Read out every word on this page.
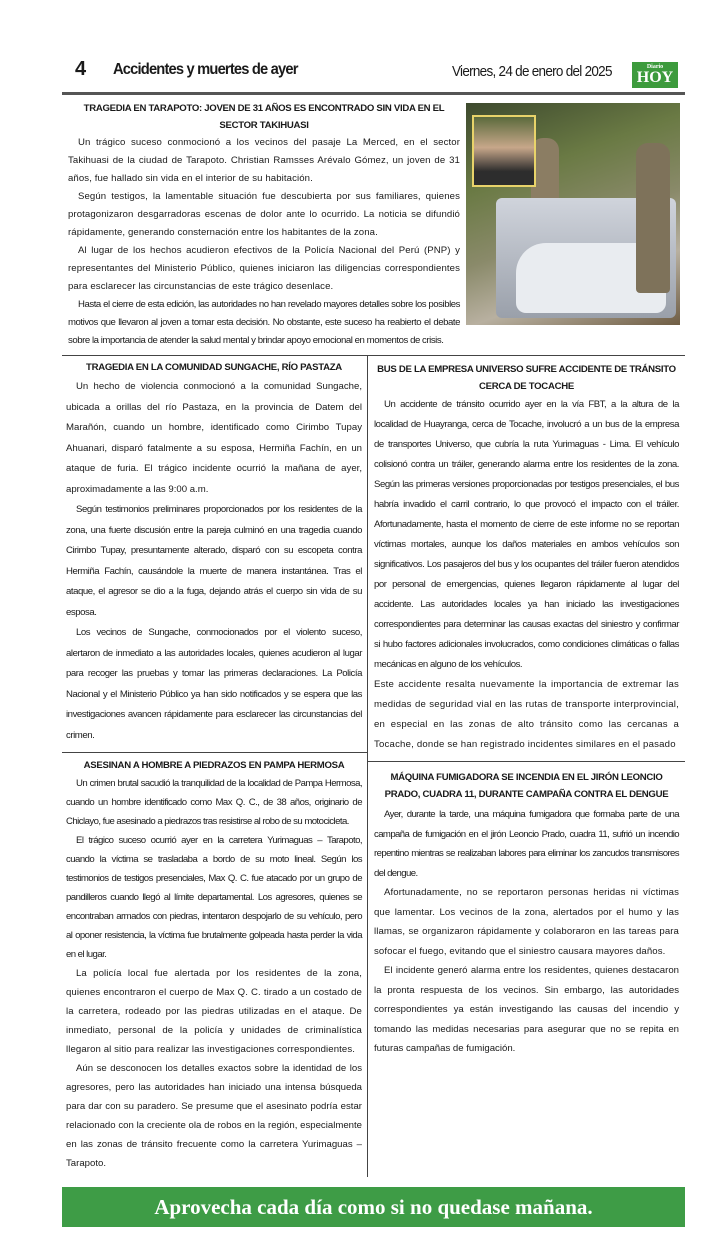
4 Accidentes y muertes de ayer	Viernes, 24 de enero del 2025	Diario
HOY
TRAGEDIA EN TARAPOTO: JOVEN DE 31 AÑOS ES ENCONTRADO SIN VIDA EN EL SECTOR TAKIHUASI

Un trágico suceso conmocionó a los vecinos del pasaje La Merced, en el sector Takihuasi de la ciudad de Tarapoto. Christian Ramsses Arévalo Gómez, un joven de 31 años, fue hallado sin vida en el interior de su habitación.

Según testigos, la lamentable situación fue descubierta por sus familiares, quienes protagonizaron desgarradoras escenas de dolor ante lo ocurrido. La noticia se difundió rápidamente, generando consternación entre los habitantes de la zona.

Al lugar de los hechos acudieron efectivos de la Policía Nacional del Perú (PNP) y representantes del Ministerio Público, quienes iniciaron las diligencias correspondientes para esclarecer las circunstancias de este trágico desenlace.

Hasta el cierre de esta edición, las autoridades no han revelado mayores detalles sobre los posibles motivos que llevaron al joven a tomar esta decisión. No obstante, este suceso ha reabierto el debate sobre la importancia de atender la salud mental y brindar apoyo emocional en momentos de crisis.

TRAGEDIA EN LA COMUNIDAD SUNGACHE, RÍO PASTAZA

Un hecho de violencia conmocionó a la comunidad Sungache, ubicada a orillas del río Pastaza, en la provincia de Datem del Marañón, cuando un hombre, identificado como Cirimbo Tupay Ahuanari, disparó fatalmente a su esposa, Hermiña Fachín, en un ataque de furia. El trágico incidente ocurrió la mañana de ayer, aproximadamente a las 9:00 a.m.

Según testimonios preliminares proporcionados por los residentes de la zona, una fuerte discusión entre la pareja culminó en una tragedia cuando Cirimbo Tupay, presuntamente alterado, disparó con su escopeta contra Hermiña Fachín, causándole la muerte de manera instantánea. Tras el ataque, el agresor se dio a la fuga, dejando atrás el cuerpo sin vida de su esposa.

Los vecinos de Sungache, conmocionados por el violento suceso, alertaron de inmediato a las autoridades locales, quienes acudieron al lugar para recoger las pruebas y tomar las primeras declaraciones. La Policía Nacional y el Ministerio Público ya han sido notificados y se espera que las investigaciones avancen rápidamente para esclarecer las circunstancias del crimen.

ASESINAN A HOMBRE A PIEDRAZOS EN PAMPA HERMOSA

Un crimen brutal sacudió la tranquilidad de la localidad de Pampa Hermosa, cuando un hombre identificado como Max Q. C., de 38 años, originario de Chiclayo, fue asesinado a piedrazos tras resistirse al robo de su motocicleta.

El trágico suceso ocurrió ayer en la carretera Yurimaguas – Tarapoto, cuando la víctima se trasladaba a bordo de su moto lineal. Según los testimonios de testigos presenciales, Max Q. C. fue atacado por un grupo de pandilleros cuando llegó al límite departamental. Los agresores, quienes se encontraban armados con piedras, intentaron despojarlo de su vehículo, pero al oponer resistencia, la víctima fue brutalmente golpeada hasta perder la vida en el lugar.

La policía local fue alertada por los residentes de la zona, quienes encontraron el cuerpo de Max Q. C. tirado a un costado de la carretera, rodeado por las piedras utilizadas en el ataque. De inmediato, personal de la policía y unidades de criminalística llegaron al sitio para realizar las investigaciones correspondientes.

Aún se desconocen los detalles exactos sobre la identidad de los agresores, pero las autoridades han iniciado una intensa búsqueda para dar con su paradero. Se presume que el asesinato podría estar relacionado con la creciente ola de robos en la región, especialmente en las zonas de tránsito frecuente como la carretera Yurimaguas – Tarapoto.

BUS DE LA EMPRESA UNIVERSO SUFRE ACCIDENTE DE TRÁNSITO CERCA DE TOCACHE

Un accidente de tránsito ocurrido ayer en la vía FBT, a la altura de la localidad de Huayranga, cerca de Tocache, involucró a un bus de la empresa de transportes Universo, que cubría la ruta Yurimaguas - Lima. El vehículo colisionó contra un tráiler, generando alarma entre los residentes de la zona. Según las primeras versiones proporcionadas por testigos presenciales, el bus habría invadido el carril contrario, lo que provocó el impacto con el tráiler. Afortunadamente, hasta el momento de cierre de este informe no se reportan víctimas mortales, aunque los daños materiales en ambos vehículos son significativos. Los pasajeros del bus y los ocupantes del tráiler fueron atendidos por personal de emergencias, quienes llegaron rápidamente al lugar del accidente. Las autoridades locales ya han iniciado las investigaciones correspondientes para determinar las causas exactas del siniestro y confirmar si hubo factores adicionales involucrados, como condiciones climáticas o fallas mecánicas en alguno de los vehículos.

Este accidente resalta nuevamente la importancia de extremar las medidas de seguridad vial en las rutas de transporte interprovincial, en especial en las zonas de alto tránsito como las cercanas a Tocache, donde se han registrado incidentes similares en el pasado

MÁQUINA FUMIGADORA SE INCENDIA EN EL JIRÓN LEONCIO PRADO, CUADRA 11, DURANTE CAMPAÑA CONTRA EL DENGUE

Ayer, durante la tarde, una máquina fumigadora que formaba parte de una campaña de fumigación en el jirón Leoncio Prado, cuadra 11, sufrió un incendio repentino mientras se realizaban labores para eliminar los zancudos transmisores del dengue.

Afortunadamente, no se reportaron personas heridas ni víctimas que lamentar. Los vecinos de la zona, alertados por el humo y las llamas, se organizaron rápidamente y colaboraron en las tareas para sofocar el fuego, evitando que el siniestro causara mayores daños.

El incidente generó alarma entre los residentes, quienes destacaron la pronta respuesta de los vecinos. Sin embargo, las autoridades correspondientes ya están investigando las causas del incendio y tomando las medidas necesarias para asegurar que no se repita en futuras campañas de fumigación.

Aprovecha cada día como si no quedase mañana.
